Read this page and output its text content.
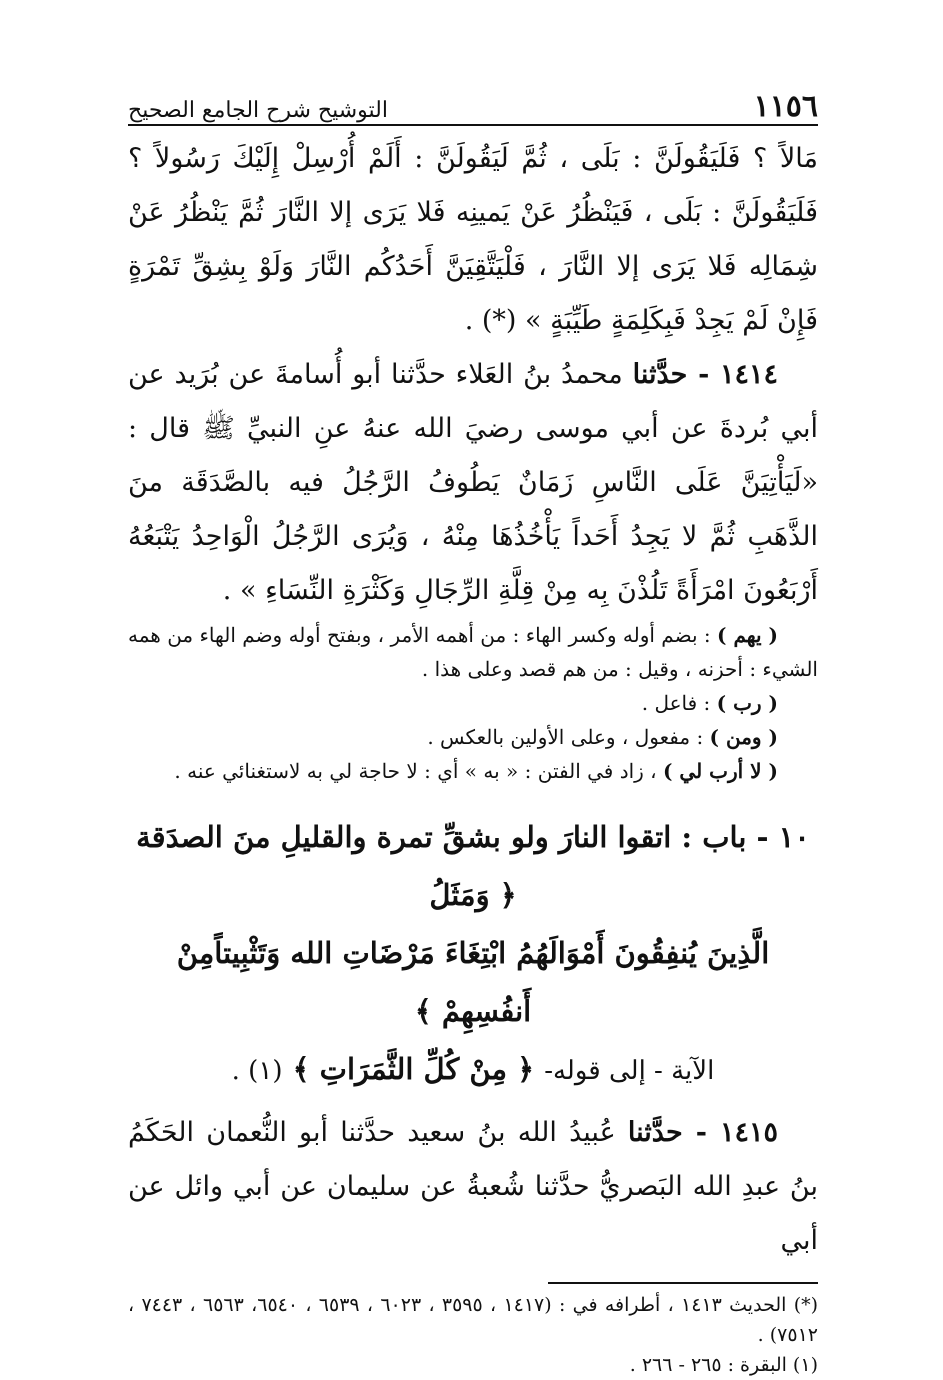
١١٥٦
التوشيح شرح الجامع الصحيح

مَالاً ؟ فَلَيَقُولَنَّ : بَلَى ، ثُمَّ لَيَقُولَنَّ : أَلَمْ أُرْسِلْ إِلَيْكَ رَسُولاً ؟ فَلَيَقُولَنَّ : بَلَى ، فَيَنْظُرُ عَنْ يَمينِه فَلا يَرَى إلا النَّارَ ثُمَّ يَنْظُرُ عَنْ شِمَالِه فَلا يَرَى إلا النَّارَ ، فَلْيَتَّقِيَنَّ أَحَدُكُم النَّارَ وَلَوْ بِشِقِّ تَمْرَةٍ فَإِنْ لَمْ يَجِدْ فَبِكَلِمَةٍ طَيِّبَةٍ » (*) .

١٤١٤ - حدَّثنا محمدُ بنُ العَلاء حدَّثنا أبو أُسامةَ عن بُرَيد عن أبي بُردةَ عن أبي موسى رضيَ الله عنهُ عنِ النبيِّ ﷺ قال : «لَيَأْتِيَنَّ عَلَى النَّاسِ زَمَانٌ يَطُوفُ الرَّجُلُ فيه بالصَّدَقَة منَ الذَّهَبِ ثُمَّ لا يَجِدُ أَحَداً يَأْخُذُهَا مِنْهُ ، وَيُرَى الرَّجُلُ الْوَاحِدُ يَتْبَعُهُ أَرْبَعُونَ امْرَأَةً تَلُذْنَ بِه مِنْ قِلَّةِ الرِّجَالِ وَكَثْرَةِ النِّسَاءِ » .

( يهم ) : بضم أوله وكسر الهاء : من أهمه الأمر ، وبفتح أوله وضم الهاء من همه الشيء : أحزنه ، وقيل : من هم قصد وعلى هذا .

( رب ) : فاعل .

( ومن ) : مفعول ، وعلى الأولين بالعكس .

( لا أرب لي ) ، زاد في الفتن : « به » أي : لا حاجة لي به لاستغنائي عنه .

١٠ - باب : اتقوا النارَ ولو بشقِّ تمرة والقليلِ منَ الصدَقة ﴿ وَمَثَلُ
الَّذِينَ يُنفِقُونَ أَمْوَالَهُمُ ابْتِغَاءَ مَرْضَاتِ الله وَتَثْبِيتاًمِنْ أَنفُسِهِمْ ﴾
الآية - إلى قوله- ﴿ مِنْ كُلِّ الثَّمَرَاتِ ﴾ (١) .

١٤١٥ - حدَّثنا عُبيدُ الله بنُ سعيد حدَّثنا أبو النُّعمان الحَكَمُ بنُ عبدِ الله البَصريُّ حدَّثنا شُعبةُ عن سليمان عن أبي وائل عن أبي

(*) الحديث ١٤١٣ ، أطرافه في : (١٤١٧ ، ٣٥٩٥ ، ٦٠٢٣ ، ٦٥٣٩ ، ٦٥٤٠، ٦٥٦٣ ، ٧٤٤٣ ، ٧٥١٢) .

(١) البقرة : ٢٦٥ - ٢٦٦ .
